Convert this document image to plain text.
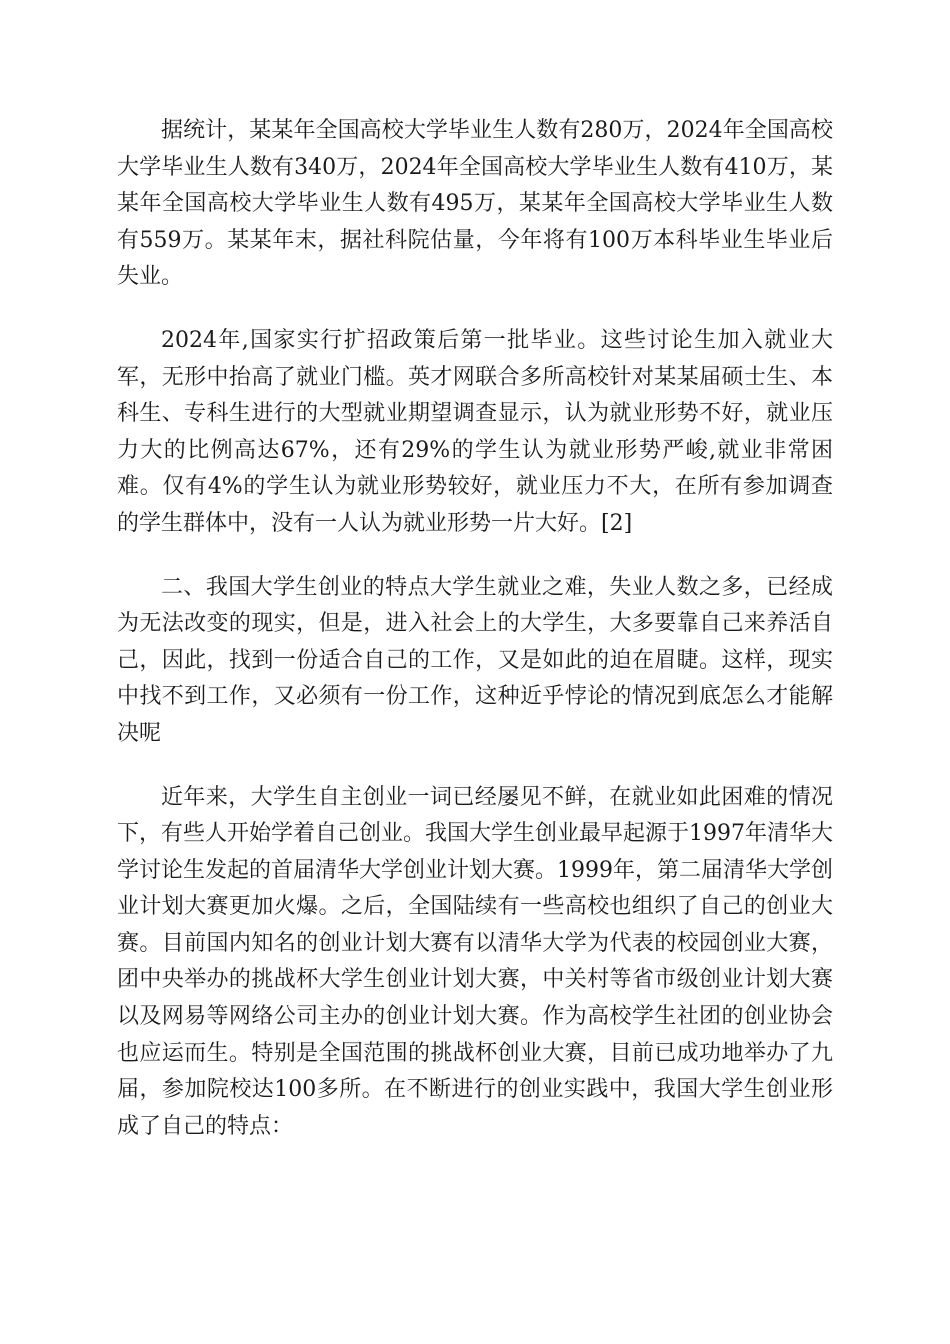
据统计，某某年全国高校大学毕业生人数有280万，2024年全国高校大学毕业生人数有340万，2024年全国高校大学毕业生人数有410万，某某年全国高校大学毕业生人数有495万，某某年全国高校大学毕业生人数有559万。某某年末，据社科院估量，今年将有100万本科毕业生毕业后失业。

2024年,国家实行扩招政策后第一批毕业。这些讨论生加入就业大军，无形中抬高了就业门槛。英才网联合多所高校针对某某届硕士生、本科生、专科生进行的大型就业期望调查显示，认为就业形势不好，就业压力大的比例高达67%，还有29%的学生认为就业形势严峻,就业非常困难。仅有4%的学生认为就业形势较好，就业压力不大，在所有参加调查的学生群体中，没有一人认为就业形势一片大好。[2]

二、我国大学生创业的特点大学生就业之难，失业人数之多，已经成为无法改变的现实，但是，进入社会上的大学生，大多要靠自己来养活自己，因此，找到一份适合自己的工作，又是如此的迫在眉睫。这样，现实中找不到工作，又必须有一份工作，这种近乎悖论的情况到底怎么才能解决呢

近年来，大学生自主创业一词已经屡见不鲜，在就业如此困难的情况下，有些人开始学着自己创业。我国大学生创业最早起源于1997年清华大学讨论生发起的首届清华大学创业计划大赛。1999年，第二届清华大学创业计划大赛更加火爆。之后，全国陆续有一些高校也组织了自己的创业大赛。目前国内知名的创业计划大赛有以清华大学为代表的校园创业大赛，团中央举办的挑战杯大学生创业计划大赛，中关村等省市级创业计划大赛以及网易等网络公司主办的创业计划大赛。作为高校学生社团的创业协会也应运而生。特别是全国范围的挑战杯创业大赛，目前已成功地举办了九届，参加院校达100多所。在不断进行的创业实践中，我国大学生创业形成了自己的特点：
